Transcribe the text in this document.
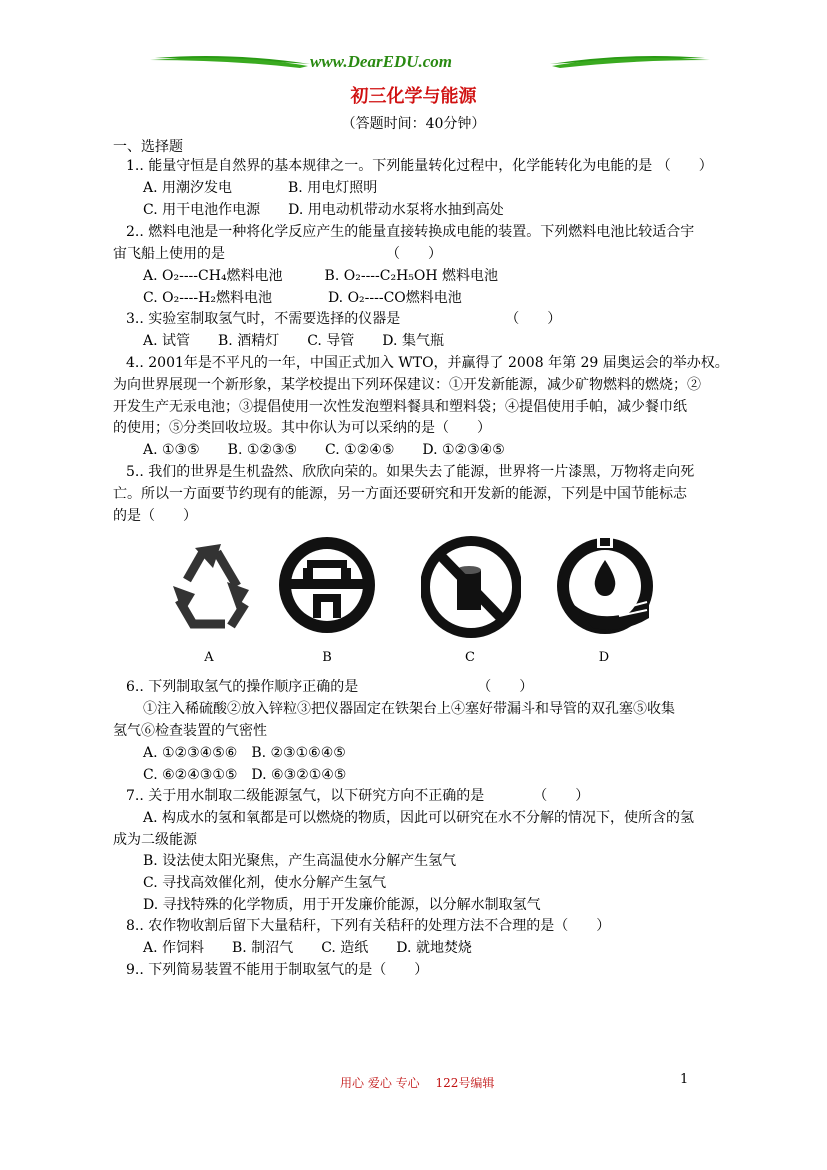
www.DearEDU.com
初三化学与能源
（答题时间：40分钟）
一、选择题
1.. 能量守恒是自然界的基本规律之一。下列能量转化过程中，化学能转化为电能的是 （　　）
A. 用潮汐发电　　　　B. 用电灯照明
C. 用干电池作电源　　D. 用电动机带动水泵将水抽到高处
2.. 燃料电池是一种将化学反应产生的能量直接转换成电能的装置。下列燃料电池比较适合宇
宙飞船上使用的是　　　　　　　　　　　　（　　）
A. O₂----CH₄燃料电池　　　B. O₂----C₂H₅OH 燃料电池
C. O₂----H₂燃料电池　　　　D. O₂----CO燃料电池
3.. 实验室制取氢气时，不需要选择的仪器是　　　　　　　　（　　）
A. 试管　　B. 酒精灯　　C. 导管　　D. 集气瓶
4.. 2001年是不平凡的一年，中国正式加入 WTO，并赢得了 2008 年第 29 届奥运会的举办权。
为向世界展现一个新形象，某学校提出下列环保建议：①开发新能源，减少矿物燃料的燃烧；②
开发生产无汞电池；③提倡使用一次性发泡塑料餐具和塑料袋；④提倡使用手帕，减少餐巾纸
的使用；⑤分类回收垃圾。其中你认为可以采纳的是（　　）
A. ①③⑤　　B. ①②③⑤　　C. ①②④⑤　　D. ①②③④⑤
5.. 我们的世界是生机盎然、欣欣向荣的。如果失去了能源，世界将一片漆黑，万物将走向死
亡。所以一方面要节约现有的能源，另一方面还要研究和开发新的能源，下列是中国节能标志
的是（　　）
A	B	C	D
6.. 下列制取氢气的操作顺序正确的是　　　　　　　　　（　　）
①注入稀硫酸②放入锌粒③把仪器固定在铁架台上④塞好带漏斗和导管的双孔塞⑤收集
氢气⑥检查装置的气密性
A. ①②③④⑤⑥　B. ②③①⑥④⑤
C. ⑥②④③①⑤　D. ⑥③②①④⑤
7.. 关于用水制取二级能源氢气，以下研究方向不正确的是　　　　（　　）
A. 构成水的氢和氧都是可以燃烧的物质，因此可以研究在水不分解的情况下，使所含的氢
成为二级能源
B. 设法使太阳光聚焦，产生高温使水分解产生氢气
C. 寻找高效催化剂，使水分解产生氢气
D. 寻找特殊的化学物质，用于开发廉价能源，以分解水制取氢气
8.. 农作物收割后留下大量秸秆，下列有关秸秆的处理方法不合理的是（　　）
A. 作饲料　　B. 制沼气　　C. 造纸　　D. 就地焚烧
9.. 下列简易装置不能用于制取氢气的是（　　）
用心 爱心 专心　 122号编辑	1
